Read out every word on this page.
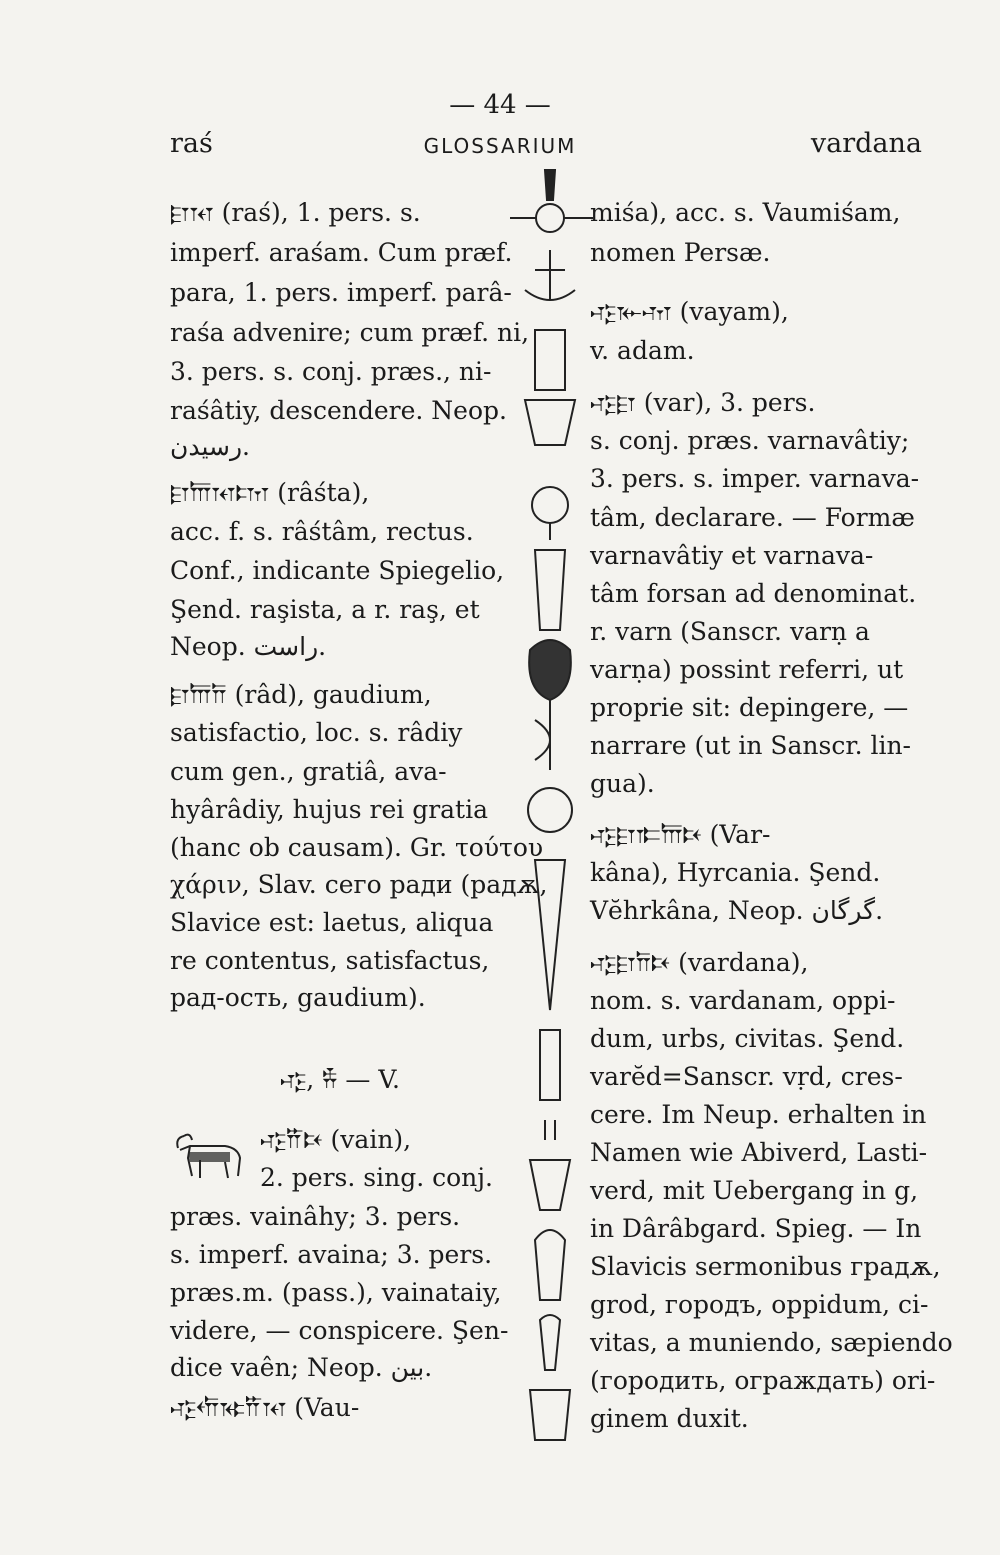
— 44 —
raś	GLOSSARIUM	vardana
𐎼𐎰 (raś), 1. pers. s.
imperf. araśam. Cum præf.
para, 1. pers. imperf. parâ-
raśa advenire; cum præf. ni,
3. pers. s. conj. præs., ni-
raśâtiy, descendere. Neop.
رسيدن.
𐎼𐎠𐎰𐎫 (râśta),
acc. f. s. râśtâm, rectus.
Conf., indicante Spiegelio,
Şend. raşista, a r. raş, et
Neop. راست.
𐎼𐎠𐎭 (râd), gaudium,
satisfactio, loc. s. râdiy
cum gen., gratiâ, ava-
hyârâdiy, hujus rei gratia
(hanc ob causam). Gr. τούτου
χάριν, Slav. сего ради (радѫ,
Slavice est: laetus, aliqua
re contentus, satisfactus,
рад-ость, gaudium).
𐎺, 𐎻 — V.
𐎺𐎡𐎴 (vain),
2. pers. sing. conj.
præs. vainâhy; 3. pers.
s. imperf. avaina; 3. pers.
præs.m. (pass.), vainataiy,
videre, — conspicere. Şen-
dice vaên; Neop. بين.
𐎺𐎢𐎷𐎡𐎰 (Vau-
miśa), acc. s. Vaumiśam,
nomen Persæ.
𐎺𐎹𐎶 (vayam),
v. adam.
𐎺𐎼 (var), 3. pers.
s. conj. præs. varnavâtiy;
3. pers. s. imper. varnava-
tâm, declarare. — Formæ
varnavâtiy et varnava-
tâm forsan ad denominat.
r. varn (Sanscr. varṇ a
varṇa) possint referri, ut
proprie sit: depingere, —
narrare (ut in Sanscr. lin-
gua).
𐎺𐎼𐎣𐎠𐎴 (Var-
kâna), Hyrcania. Şend.
Vĕhrkâna, Neop. گرگان.
𐎺𐎼𐎭𐎴 (vardana),
nom. s. vardanam, oppi-
dum, urbs, civitas. Şend.
varĕd=Sanscr. vṛd, cres-
cere. Im Neup. erhalten in
Namen wie Abiverd, Lasti-
verd, mit Uebergang in g,
in Dârâbgard. Spieg. — In
Slavicis sermonibus градѫ,
grod, городъ, oppidum, ci-
vitas, a muniendo, sæpiendo
(городить, ограждать) ori-
ginem duxit.
